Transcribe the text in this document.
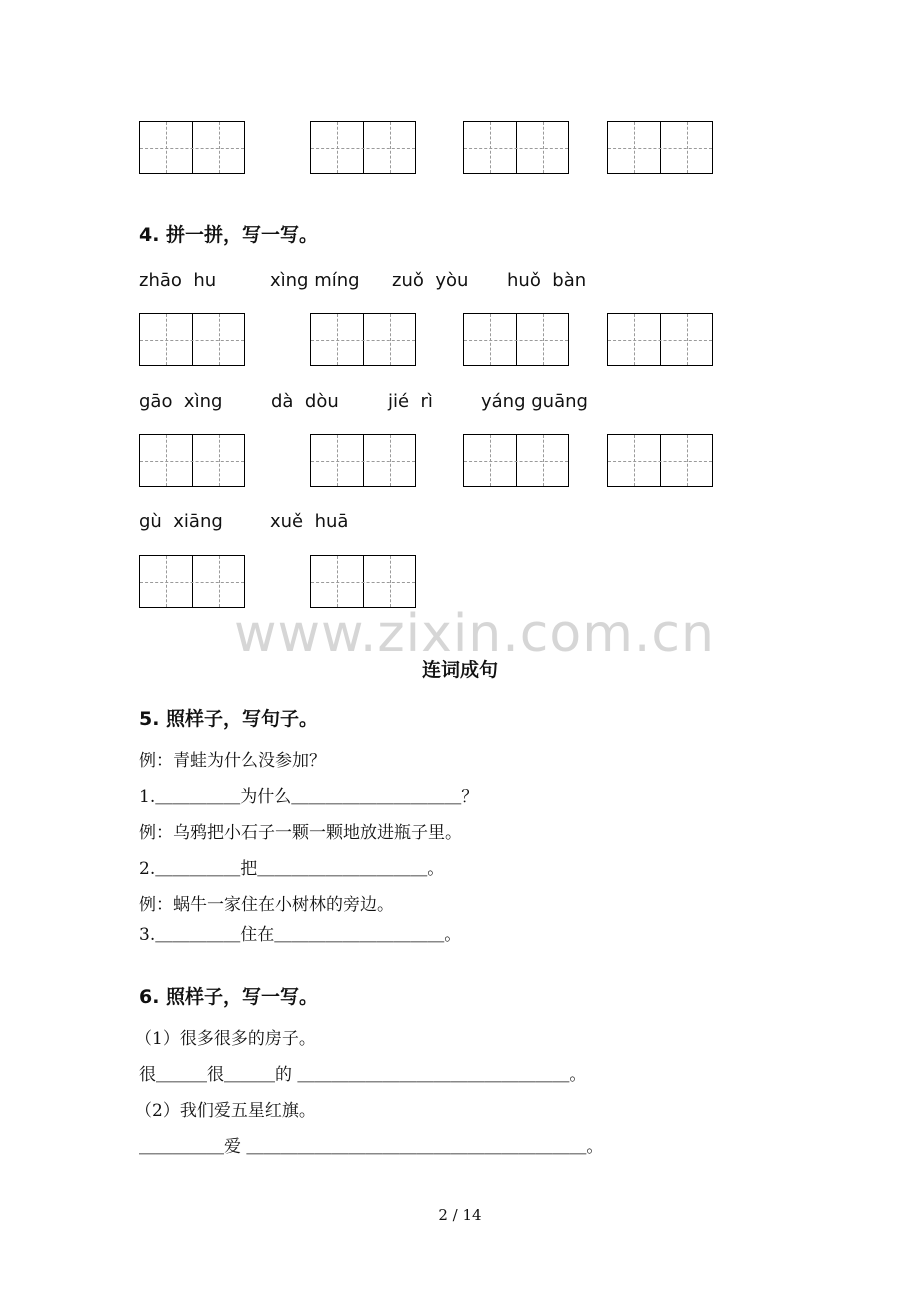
4. 拼一拼，写一写。
zhāo  hu	xìng míng zuǒ  yòu huǒ  bàn
gāo  xìng	dà  dòu	jié  rì	yáng guāng
gù  xiāng	xuě  huā
www.zixin.com.cn
连词成句
5. 照样子，写句子。
例：青蛙为什么没参加？
1.＿＿＿＿＿为什么＿＿＿＿＿＿＿＿＿＿？
例：乌鸦把小石子一颗一颗地放进瓶子里。
2.＿＿＿＿＿把＿＿＿＿＿＿＿＿＿＿。
例：蜗牛一家住在小树林的旁边。
3.＿＿＿＿＿住在＿＿＿＿＿＿＿＿＿＿。
6. 照样子，写一写。
（1）很多很多的房子。
很＿＿＿很＿＿＿的 ＿＿＿＿＿＿＿＿＿＿＿＿＿＿＿＿。
（2）我们爱五星红旗。
＿＿＿＿＿爱 ＿＿＿＿＿＿＿＿＿＿＿＿＿＿＿＿＿＿＿＿。
2 / 14
